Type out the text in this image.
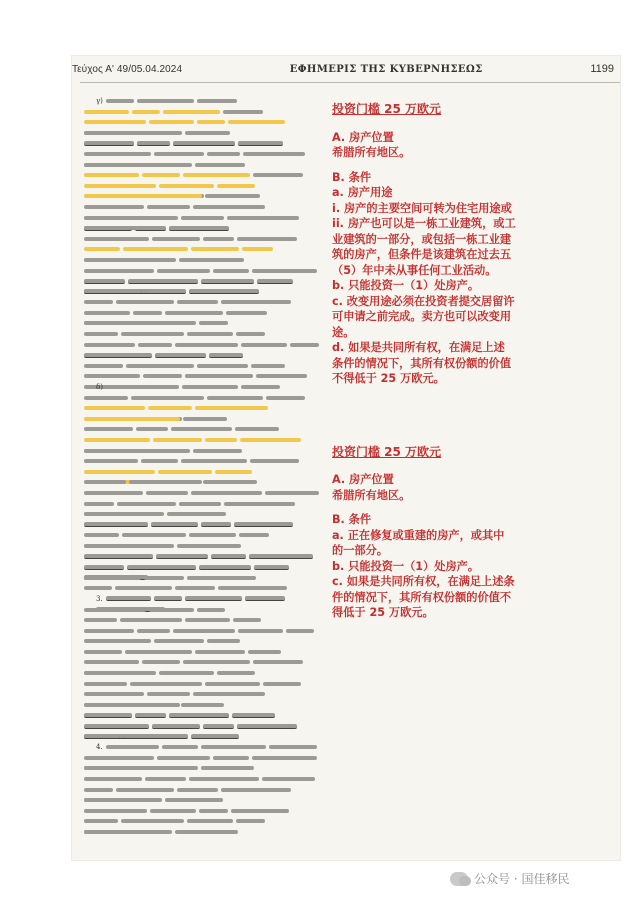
Τεύχος Α' 49/05.04.2024	ΕΦΗΜΕΡΙΣ ΤΗΣ ΚΥΒΕΡΝΗΣΕΩΣ	1199
γ)
δ)
3.
4.

投资门槛 25 万欧元

A. 房产位置

希腊所有地区。

B. 条件

a. 房产用途

i. 房产的主要空间可转为住宅用途或

ii. 房产也可以是一栋工业建筑，或工

业建筑的一部分，或包括一栋工业建

筑的房产，但条件是该建筑在过去五

（5）年中未从事任何工业活动。

b. 只能投资一（1）处房产。

c. 改变用途必须在投资者提交居留许

可申请之前完成。卖方也可以改变用

途。

d. 如果是共同所有权，在满足上述

条件的情况下，其所有权份额的价值

不得低于 25 万欧元。

投资门槛 25 万欧元

A. 房产位置

希腊所有地区。

B. 条件

a. 正在修复或重建的房产，或其中

的一部分。

b. 只能投资一（1）处房产。

c. 如果是共同所有权，在满足上述条

件的情况下，其所有权份额的价值不

得低于 25 万欧元。

公众号 · 国佳移民
